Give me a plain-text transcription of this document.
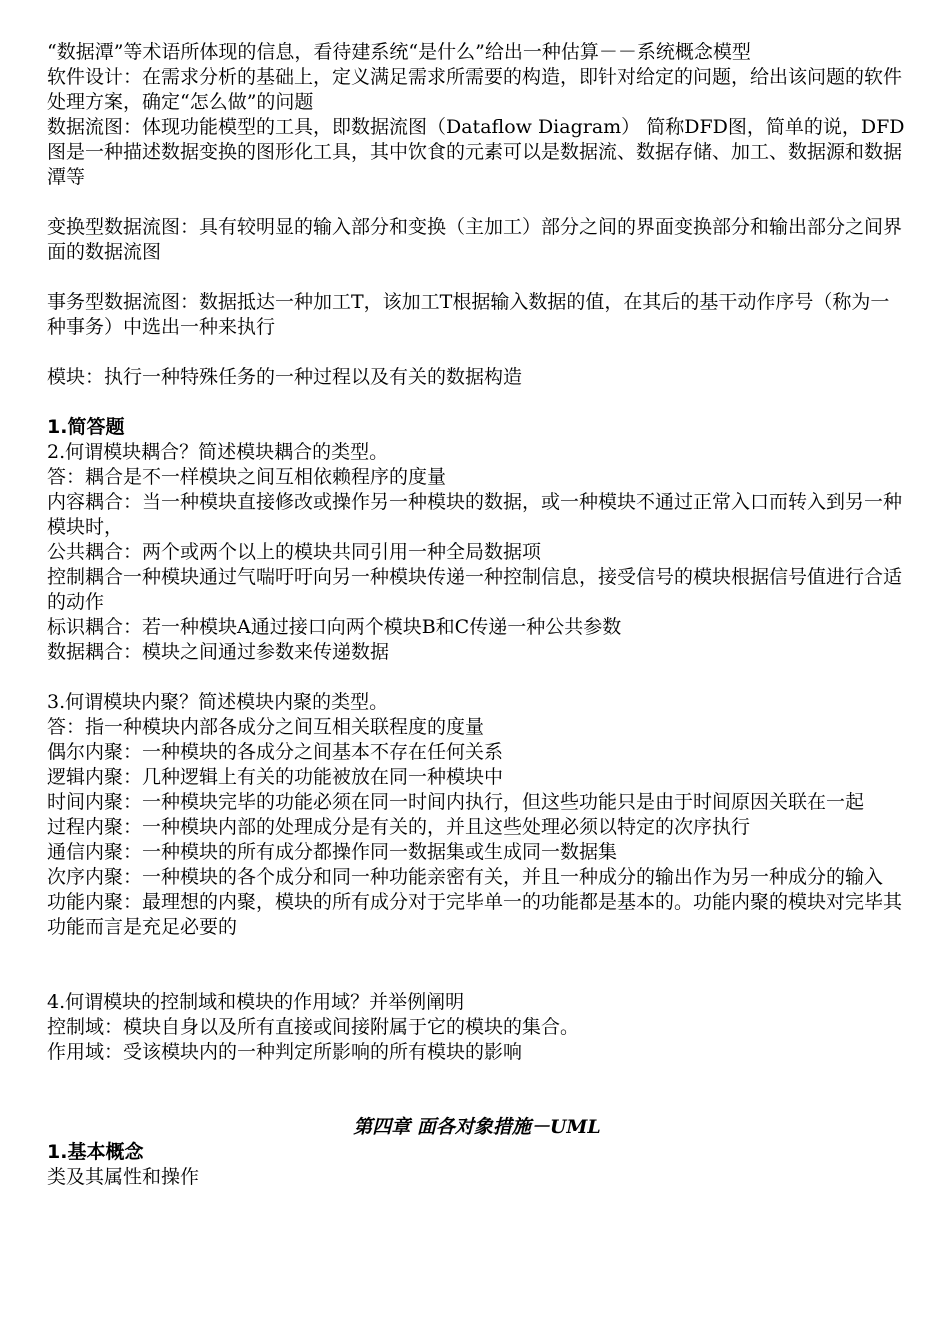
“数据潭”等术语所体现的信息，看待建系统“是什么”给出一种估算－－系统概念模型

软件设计：在需求分析的基础上，定义满足需求所需要的构造，即针对给定的问题，给出该问题的软件处理方案，确定“怎么做”的问题

数据流图：体现功能模型的工具，即数据流图（Dataflow Diagram） 简称DFD图，简单的说，DFD图是一种描述数据变换的图形化工具，其中饮食的元素可以是数据流、数据存储、加工、数据源和数据潭等

变换型数据流图：具有较明显的输入部分和变换（主加工）部分之间的界面变换部分和输出部分之间界面的数据流图

事务型数据流图：数据抵达一种加工T，该加工T根据输入数据的值，在其后的基干动作序号（称为一种事务）中选出一种来执行

模块：执行一种特殊任务的一种过程以及有关的数据构造

1.简答题

2.何谓模块耦合？简述模块耦合的类型。

答：耦合是不一样模块之间互相依赖程序的度量

内容耦合：当一种模块直接修改或操作另一种模块的数据，或一种模块不通过正常入口而转入到另一种模块时，

公共耦合：两个或两个以上的模块共同引用一种全局数据项

控制耦合一种模块通过气喘吁吁向另一种模块传递一种控制信息，接受信号的模块根据信号值进行合适的动作

标识耦合：若一种模块A通过接口向两个模块B和C传递一种公共参数

数据耦合：模块之间通过参数来传递数据

3.何谓模块内聚？简述模块内聚的类型。

答：指一种模块内部各成分之间互相关联程度的度量

偶尔内聚：一种模块的各成分之间基本不存在任何关系

逻辑内聚：几种逻辑上有关的功能被放在同一种模块中

时间内聚：一种模块完毕的功能必须在同一时间内执行，但这些功能只是由于时间原因关联在一起

过程内聚：一种模块内部的处理成分是有关的，并且这些处理必须以特定的次序执行

通信内聚：一种模块的所有成分都操作同一数据集或生成同一数据集

次序内聚：一种模块的各个成分和同一种功能亲密有关，并且一种成分的输出作为另一种成分的输入

功能内聚：最理想的内聚，模块的所有成分对于完毕单一的功能都是基本的。功能内聚的模块对完毕其功能而言是充足必要的

4.何谓模块的控制域和模块的作用域？并举例阐明

控制域：模块自身以及所有直接或间接附属于它的模块的集合。

作用域：受该模块内的一种判定所影响的所有模块的影响

第四章 面各对象措施－UML

1.基本概念

类及其属性和操作
